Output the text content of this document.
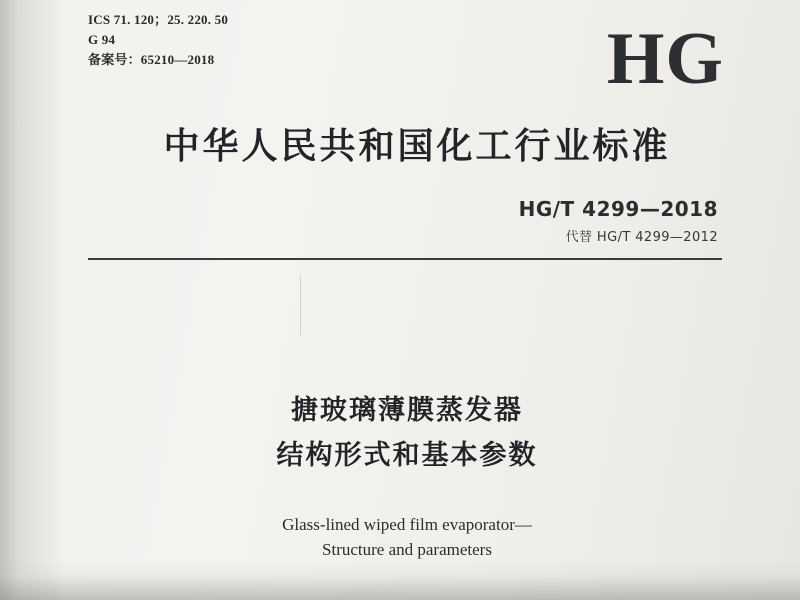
ICS 71. 120；25. 220. 50
G 94
备案号：65210—2018	HG
中华人民共和国化工行业标准
HG/T 4299—2018
代替 HG/T 4299—2012
搪玻璃薄膜蒸发器
结构形式和基本参数
Glass-lined wiped film evaporator—
Structure and parameters
